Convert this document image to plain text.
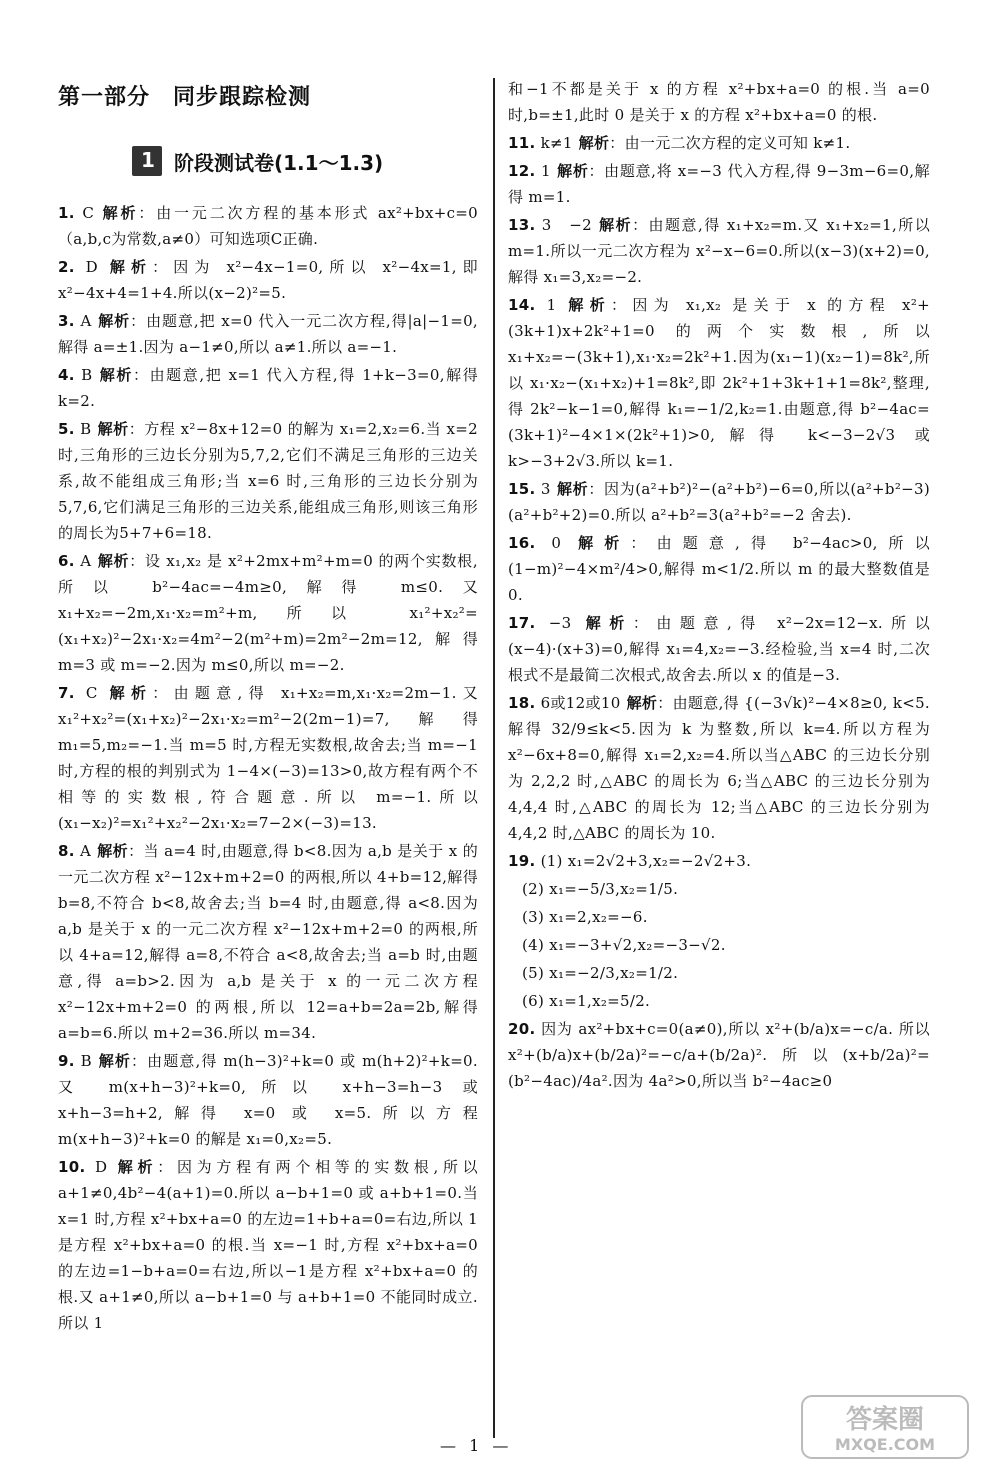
第一部分　同步跟踪检测
1
阶段测试卷(1.1～1.3)
1. C 解析：由一元二次方程的基本形式 ax²+bx+c=0（a,b,c为常数,a≠0）可知选项C正确.
2. D 解析：因为 x²−4x−1=0,所以 x²−4x=1,即 x²−4x+4=1+4.所以(x−2)²=5.
3. A 解析：由题意,把 x=0 代入一元二次方程,得|a|−1=0,解得 a=±1.因为 a−1≠0,所以 a≠1.所以 a=−1.
4. B 解析：由题意,把 x=1 代入方程,得 1+k−3=0,解得 k=2.
5. B 解析：方程 x²−8x+12=0 的解为 x₁=2,x₂=6.当 x=2 时,三角形的三边长分别为5,7,2,它们不满足三角形的三边关系,故不能组成三角形;当 x=6 时,三角形的三边长分别为5,7,6,它们满足三角形的三边关系,能组成三角形,则该三角形的周长为5+7+6=18.
6. A 解析：设 x₁,x₂ 是 x²+2mx+m²+m=0 的两个实数根,所以 b²−4ac=−4m≥0,解得 m≤0.又 x₁+x₂=−2m,x₁·x₂=m²+m,所以 x₁²+x₂²=(x₁+x₂)²−2x₁·x₂=4m²−2(m²+m)=2m²−2m=12,解得 m=3 或 m=−2.因为 m≤0,所以 m=−2.
7. C 解析：由题意,得 x₁+x₂=m,x₁·x₂=2m−1.又 x₁²+x₂²=(x₁+x₂)²−2x₁·x₂=m²−2(2m−1)=7,解得 m₁=5,m₂=−1.当 m=5 时,方程无实数根,故舍去;当 m=−1 时,方程的根的判别式为 1−4×(−3)=13>0,故方程有两个不相等的实数根,符合题意.所以 m=−1.所以(x₁−x₂)²=x₁²+x₂²−2x₁·x₂=7−2×(−3)=13.
8. A 解析：当 a=4 时,由题意,得 b<8.因为 a,b 是关于 x 的一元二次方程 x²−12x+m+2=0 的两根,所以 4+b=12,解得 b=8,不符合 b<8,故舍去;当 b=4 时,由题意,得 a<8.因为 a,b 是关于 x 的一元二次方程 x²−12x+m+2=0 的两根,所以 4+a=12,解得 a=8,不符合 a<8,故舍去;当 a=b 时,由题意,得 a=b>2.因为 a,b 是关于 x 的一元二次方程 x²−12x+m+2=0 的两根,所以 12=a+b=2a=2b,解得 a=b=6.所以 m+2=36.所以 m=34.
9. B 解析：由题意,得 m(h−3)²+k=0 或 m(h+2)²+k=0.又 m(x+h−3)²+k=0,所以 x+h−3=h−3 或 x+h−3=h+2,解得 x=0 或 x=5.所以方程 m(x+h−3)²+k=0 的解是 x₁=0,x₂=5.
10. D 解析：因为方程有两个相等的实数根,所以 a+1≠0,4b²−4(a+1)=0.所以 a−b+1=0 或 a+b+1=0.当 x=1 时,方程 x²+bx+a=0 的左边=1+b+a=0=右边,所以 1 是方程 x²+bx+a=0 的根.当 x=−1 时,方程 x²+bx+a=0 的左边=1−b+a=0=右边,所以−1是方程 x²+bx+a=0 的根.又 a+1≠0,所以 a−b+1=0 与 a+b+1=0 不能同时成立.所以 1
和−1不都是关于 x 的方程 x²+bx+a=0 的根.当 a=0 时,b=±1,此时 0 是关于 x 的方程 x²+bx+a=0 的根.
11. k≠1 解析：由一元二次方程的定义可知 k≠1.
12. 1 解析：由题意,将 x=−3 代入方程,得 9−3m−6=0,解得 m=1.
13. 3　−2 解析：由题意,得 x₁+x₂=m.又 x₁+x₂=1,所以 m=1.所以一元二次方程为 x²−x−6=0.所以(x−3)(x+2)=0,解得 x₁=3,x₂=−2.
14. 1 解析：因为 x₁,x₂ 是关于 x 的方程 x²+(3k+1)x+2k²+1=0 的两个实数根,所以 x₁+x₂=−(3k+1),x₁·x₂=2k²+1.因为(x₁−1)(x₂−1)=8k²,所以 x₁·x₂−(x₁+x₂)+1=8k²,即 2k²+1+3k+1+1=8k²,整理,得 2k²−k−1=0,解得 k₁=−1/2,k₂=1.由题意,得 b²−4ac=(3k+1)²−4×1×(2k²+1)>0,解得 k<−3−2√3 或 k>−3+2√3.所以 k=1.
15. 3 解析：因为(a²+b²)²−(a²+b²)−6=0,所以(a²+b²−3)(a²+b²+2)=0.所以 a²+b²=3(a²+b²=−2 舍去).
16. 0 解析：由题意,得 b²−4ac>0,所以(1−m)²−4×m²/4>0,解得 m<1/2.所以 m 的最大整数值是 0.
17. −3 解析：由题意,得 x²−2x=12−x.所以(x−4)·(x+3)=0,解得 x₁=4,x₂=−3.经检验,当 x=4 时,二次根式不是最简二次根式,故舍去.所以 x 的值是−3.
18. 6或12或10 解析：由题意,得 {(−3√k)²−4×8≥0, k<5. 解得 32/9≤k<5.因为 k 为整数,所以 k=4.所以方程为 x²−6x+8=0,解得 x₁=2,x₂=4.所以当△ABC 的三边长分别为 2,2,2 时,△ABC 的周长为 6;当△ABC 的三边长分别为 4,4,4 时,△ABC 的周长为 12;当△ABC 的三边长分别为 4,4,2 时,△ABC 的周长为 10.
19. (1) x₁=2√2+3,x₂=−2√2+3.
(2) x₁=−5/3,x₂=1/5.
(3) x₁=2,x₂=−6.
(4) x₁=−3+√2,x₂=−3−√2.
(5) x₁=−2/3,x₂=1/2.
(6) x₁=1,x₂=5/2.
20. 因为 ax²+bx+c=0(a≠0),所以 x²+(b/a)x=−c/a. 所以 x²+(b/a)x+(b/2a)²=−c/a+(b/2a)².所以(x+b/2a)²=(b²−4ac)/4a².因为 4a²>0,所以当 b²−4ac≥0
— 1 —
答案圈
MXQE.COM
